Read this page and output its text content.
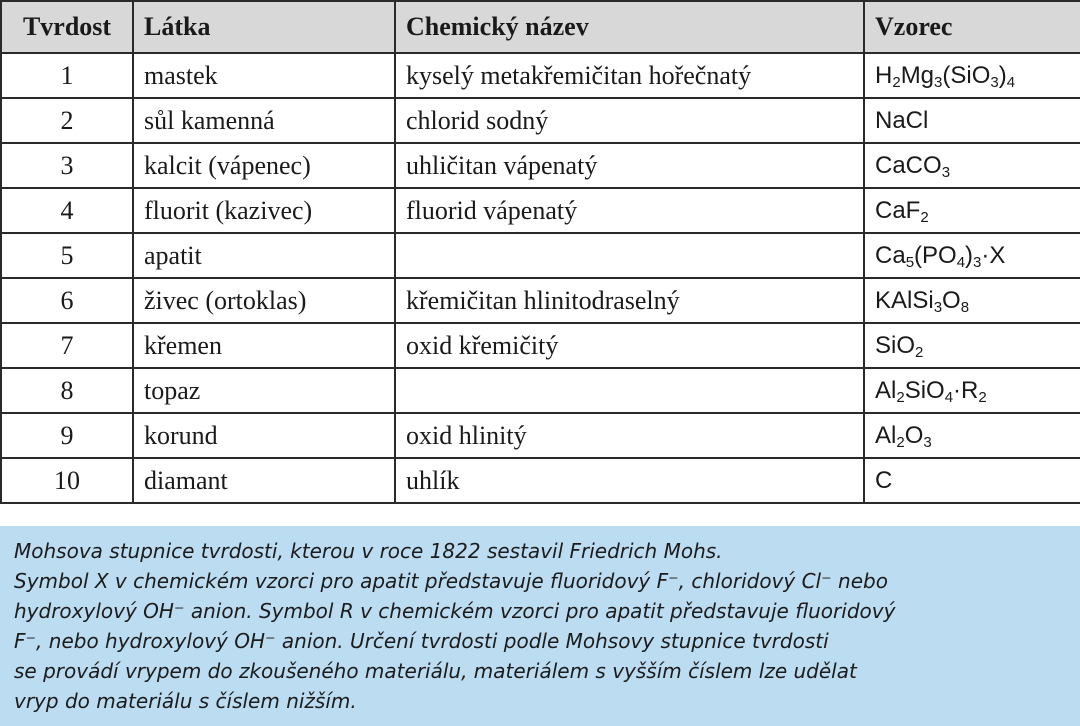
Tvrdost	Látka	Chemický název	Vzorec
1	mastek	kyselý metakřemičitan hořečnatý	$H_2Mg_3(SiO_3)_4$
2	sůl kamenná	chlorid sodný	NaCl
3	kalcit (vápenec)	uhličitan vápenatý	CaCO$_3$
4	fluorit (kazivec)	fluorid vápenatý	CaF$_2$
5	apatit		$Ca_5(PO_4)_3\cdot X$
6	živec (ortoklas)	křemičitan hlinitodraselný	$KAlSi_3O_8$
7	křemen	oxid křemičitý	SiO$_2$
8	topaz		$Al_2SiO_4\cdot R_2$
9	korund	oxid hlinitý	$Al_2O_3$
10	diamant	uhlík	C

Mohsova stupnice tvrdosti, kterou v roce 1822 sestavil Friedrich Mohs.

Symbol X v chemickém vzorci pro apatit představuje fluoridový F⁻, chloridový Cl⁻ nebo

hydroxylový OH⁻ anion. Symbol R v chemickém vzorci pro apatit představuje fluoridový

F⁻, nebo hydroxylový OH⁻ anion. Určení tvrdosti podle Mohsovy stupnice tvrdosti

se provádí vrypem do zkoušeného materiálu, materiálem s vyšším číslem lze udělat

vryp do materiálu s číslem nižším.
